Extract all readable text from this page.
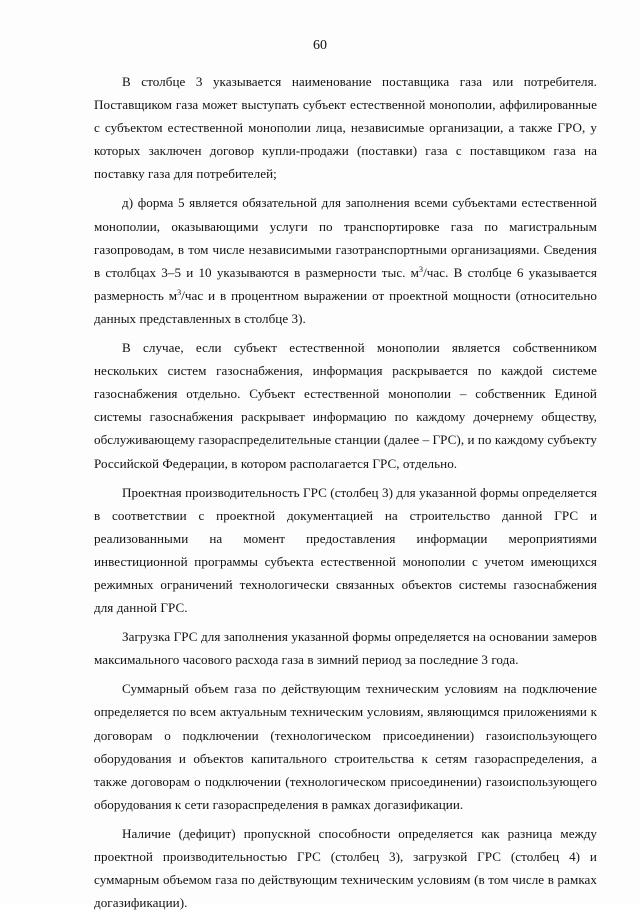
60

В столбце 3 указывается наименование поставщика газа или потребителя. Поставщиком газа может выступать субъект естественной монополии, аффилированные с субъектом естественной монополии лица, независимые организации, а также ГРО, у которых заключен договор купли-продажи (поставки) газа с поставщиком газа на поставку газа для потребителей;

д) форма 5 является обязательной для заполнения всеми субъектами естественной монополии, оказывающими услуги по транспортировке газа по магистральным газопроводам, в том числе независимыми газотранспортными организациями. Сведения в столбцах 3–5 и 10 указываются в размерности тыс. $м^3$/час. В столбце 6 указывается размерность $м^3$/час и в процентном выражении от проектной мощности (относительно данных представленных в столбце 3).

В случае, если субъект естественной монополии является собственником нескольких систем газоснабжения, информация раскрывается по каждой системе газоснабжения отдельно. Субъект естественной монополии – собственник Единой системы газоснабжения раскрывает информацию по каждому дочернему обществу, обслуживающему газораспределительные станции (далее – ГРС), и по каждому субъекту Российской Федерации, в котором располагается ГРС, отдельно.

Проектная производительность ГРС (столбец 3) для указанной формы определяется в соответствии с проектной документацией на строительство данной ГРС и реализованными на момент предоставления информации мероприятиями инвестиционной программы субъекта естественной монополии с учетом имеющихся режимных ограничений технологически связанных объектов системы газоснабжения для данной ГРС.

Загрузка ГРС для заполнения указанной формы определяется на основании замеров максимального часового расхода газа в зимний период за последние 3 года.

Суммарный объем газа по действующим техническим условиям на подключение определяется по всем актуальным техническим условиям, являющимся приложениями к договорам о подключении (технологическом присоединении) газоиспользующего оборудования и объектов капитального строительства к сетям газораспределения, а также договорам о подключении (технологическом присоединении) газоиспользующего оборудования к сети газораспределения в рамках догазификации.

Наличие (дефицит) пропускной способности определяется как разница между проектной производительностью ГРС (столбец 3), загрузкой ГРС (столбец 4) и суммарным объемом газа по действующим техническим условиям (в том числе в рамках догазификации).
